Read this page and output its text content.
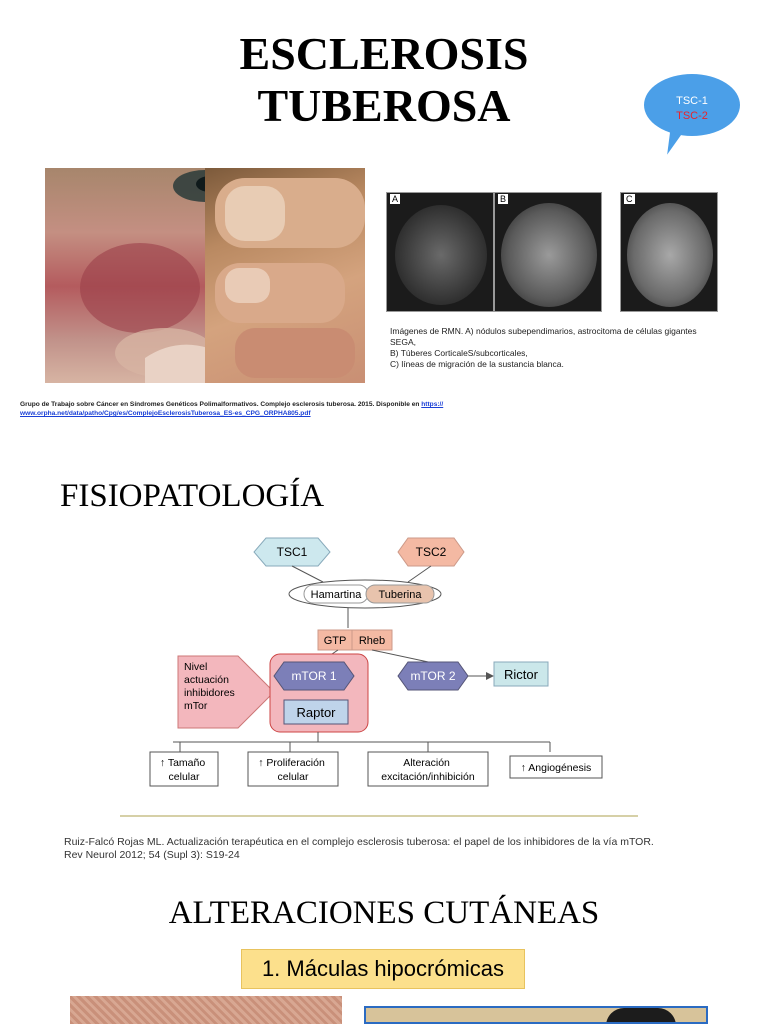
ESCLEROSIS
TUBEROSA	TSC-1
TSC-2
A	B	C
Imágenes de RMN. A) nódulos subependimarios, astrocitoma de células gigantes SEGA,
B) Túberes CorticaleS/subcorticales,
C) líneas de migración de la sustancia blanca.
Grupo de Trabajo sobre Cáncer en Síndromes Genéticos Polimalformativos. Complejo esclerosis tuberosa. 2015. Disponible en https://
www.orpha.net/data/patho/Cpg/es/ComplejoEsclerosisTuberosa_ES-es_CPG_ORPHA805.pdf
FISIOPATOLOGÍA
TSC1	TSC2
Hamartina Tuberina
GTP Rheb
Nivel actuación inhibidores mTor
mTOR 1
Raptor
mTOR 2	Rictor
↑ Tamaño celular
↑ Proliferación celular
Alteración excitación/inhibición
↑ Angiogénesis
Ruiz-Falcó Rojas ML. Actualización terapéutica en el complejo esclerosis tuberosa: el papel de los inhibidores de la vía mTOR.
Rev Neurol 2012; 54 (Supl 3): S19-24
ALTERACIONES CUTÁNEAS
1. Máculas hipocrómicas
